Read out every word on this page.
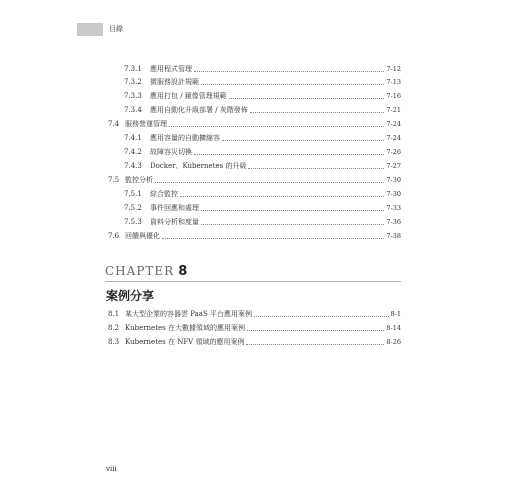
目錄
7.3.1	應用程式管理	7-12
7.3.2	微服務設計規範	7-13
7.3.3	應用打包 / 鏡像管理規範	7-16
7.3.4	應用自動化升級部署 / 灰階發佈	7-21
7.4 服務營運管理	7-24
7.4.1	應用容量的自動擴縮容	7-24
7.4.2	故障容災切換	7-26
7.4.3	Docker、Kubernetes 的升級	7-27
7.5 監控分析	7-30
7.5.1	綜合監控	7-30
7.5.2	事件回應和處理	7-33
7.5.3	資料分析和度量	7-36
7.6 回饋與優化	7-38
CHAPTER 8
案例分享
8.1 某大型企業的容器雲 PaaS 平台應用案例	8-1
8.2 Kubernetes 在大數據領域的應用案例	8-14
8.3 Kubernetes 在 NFV 領域的應用案例	8-26
viii
